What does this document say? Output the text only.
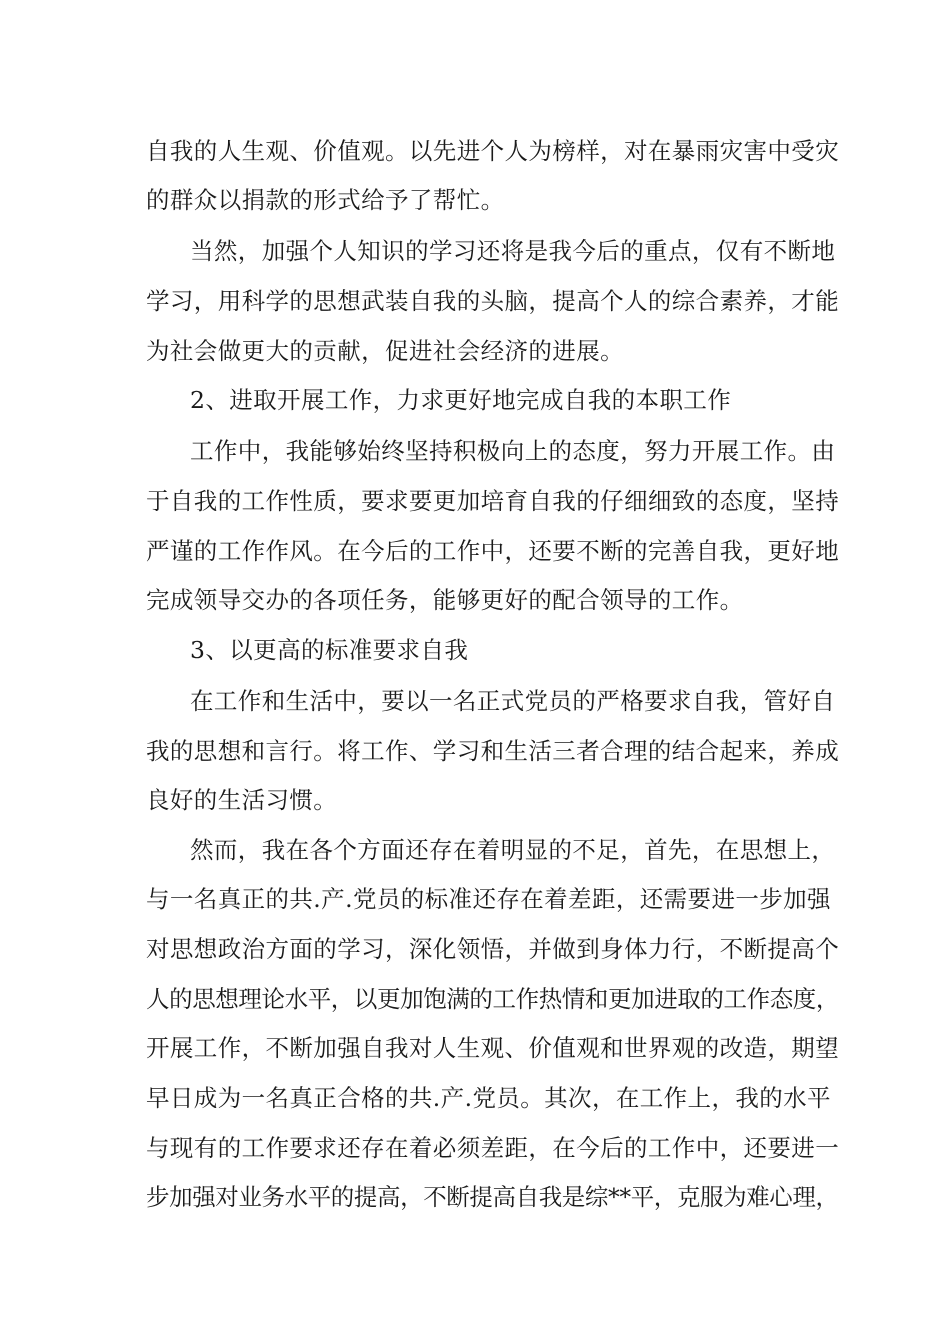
自我的人生观、价值观。以先进个人为榜样，对在暴雨灾害中受灾
的群众以捐款的形式给予了帮忙。
当然，加强个人知识的学习还将是我今后的重点，仅有不断地
学习，用科学的思想武装自我的头脑，提高个人的综合素养，才能
为社会做更大的贡献，促进社会经济的进展。
2、进取开展工作，力求更好地完成自我的本职工作
工作中，我能够始终坚持积极向上的态度，努力开展工作。由
于自我的工作性质，要求要更加培育自我的仔细细致的态度，坚持
严谨的工作作风。在今后的工作中，还要不断的完善自我，更好地
完成领导交办的各项任务，能够更好的配合领导的工作。
3、以更高的标准要求自我
在工作和生活中，要以一名正式党员的严格要求自我，管好自
我的思想和言行。将工作、学习和生活三者合理的结合起来，养成
良好的生活习惯。
然而，我在各个方面还存在着明显的不足，首先，在思想上，
与一名真正的共.产.党员的标准还存在着差距，还需要进一步加强
对思想政治方面的学习，深化领悟，并做到身体力行，不断提高个
人的思想理论水平，以更加饱满的工作热情和更加进取的工作态度，
开展工作，不断加强自我对人生观、价值观和世界观的改造，期望
早日成为一名真正合格的共.产.党员。其次，在工作上，我的水平
与现有的工作要求还存在着必须差距，在今后的工作中，还要进一
步加强对业务水平的提高，不断提高自我是综**平，克服为难心理，
